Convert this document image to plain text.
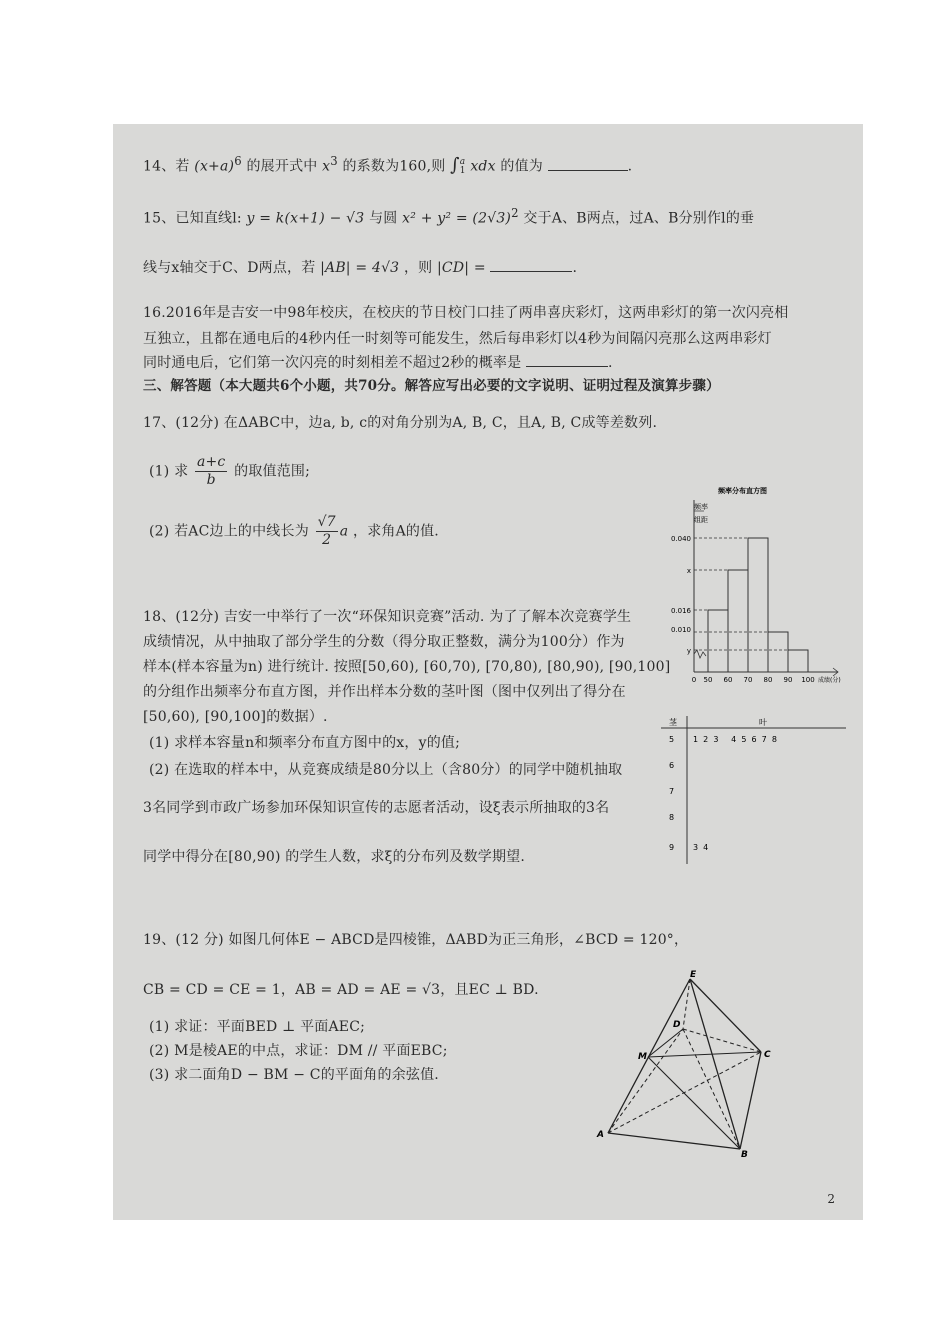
14、若 $(x+a)^6$ 的展开式中 $x^3$ 的系数为160,则 ∫ a
1 xdx 的值为	.
15、已知直线l: y = k(x+1) − √3 与圆 $x^2 + y^2 = (2√3)^2$ 交于A、B两点，过A、B分别作l的垂
线与x轴交于C、D两点，若 |AB| = 4√3 ，则 |CD| =	.
16.2016年是吉安一中98年校庆，在校庆的节日校门口挂了两串喜庆彩灯，这两串彩灯的第一次闪亮相
互独立，且都在通电后的4秒内任一时刻等可能发生，然后每串彩灯以4秒为间隔闪亮那么这两串彩灯
同时通电后，它们第一次闪亮的时刻相差不超过2秒的概率是	.
三、解答题（本大题共6个小题，共70分。解答应写出必要的文字说明、证明过程及演算步骤）
17、(12分) 在ΔABC中，边a, b, c的对角分别为A, B, C，且A, B, C成等差数列.
(1) 求 $\frac{a+c}{b}$ 的取值范围;
(2) 若AC边上的中线长为 $\frac{√7}{2}$ a ，求角A的值.
18、(12分) 吉安一中举行了一次“环保知识竞赛”活动. 为了了解本次竞赛学生
成绩情况，从中抽取了部分学生的分数（得分取正整数，满分为100分）作为
样本(样本容量为n) 进行统计. 按照[50,60), [60,70), [70,80), [80,90), [90,100]
的分组作出频率分布直方图，并作出样本分数的茎叶图（图中仅列出了得分在
[50,60), [90,100]的数据）.
(1) 求样本容量n和频率分布直方图中的x，y的值;
(2) 在选取的样本中，从竞赛成绩是80分以上（含80分）的同学中随机抽取
3名同学到市政广场参加环保知识宣传的志愿者活动，设ξ表示所抽取的3名
同学中得分在[80,90) 的学生人数，求ξ的分布列及数学期望.
频率分布直方图
频率
组距
0.040
x
0.016
0.010
y
0 50 60 70 80 90 100 成绩(分)
茎	叶
5 1  2  3     4  5  6  7  8
6
7
8
9 3  4
19、(12 分) 如图几何体E − ABCD是四棱锥，ΔABD为正三角形，∠BCD = 120°，
CB = CD = CE = 1，AB = AD = AE = √3，且EC ⊥ BD.
(1) 求证：平面BED ⊥ 平面AEC;
(2) M是棱AE的中点，求证：DM // 平面EBC;
(3) 求二面角D − BM − C的平面角的余弦值.
E
D
M	C
A
B
2
